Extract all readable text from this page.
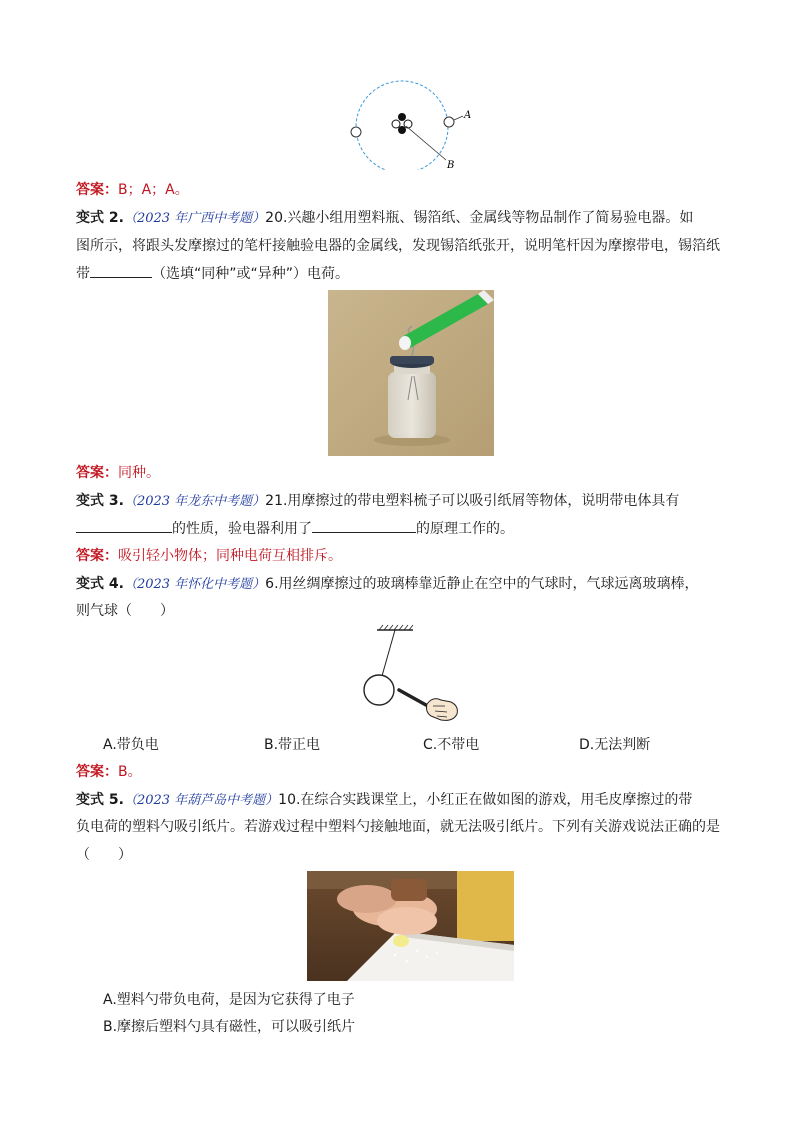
A
B
答案：B；A；A。
变式 2.（2023 年广西中考题）20.兴趣小组用塑料瓶、锡箔纸、金属线等物品制作了简易验电器。如
图所示，将跟头发摩擦过的笔杆接触验电器的金属线，发现锡箔纸张开，说明笔杆因为摩擦带电，锡箔纸
带	（选填“同种”或“异种”）电荷。
答案：同种。
变式 3.（2023 年龙东中考题）21.用摩擦过的带电塑料梳子可以吸引纸屑等物体，说明带电体具有
的性质，验电器利用了	的原理工作的。
答案：吸引轻小物体；同种电荷互相排斥。
变式 4.（2023 年怀化中考题）6.用丝绸摩擦过的玻璃棒靠近静止在空中的气球时，气球远离玻璃棒，
则气球（　　）
A.带负电	B.带正电	C.不带电	D.无法判断
答案：B。
变式 5.（2023 年葫芦岛中考题）10.在综合实践课堂上，小红正在做如图的游戏，用毛皮摩擦过的带
负电荷的塑料勺吸引纸片。若游戏过程中塑料勺接触地面，就无法吸引纸片。下列有关游戏说法正确的是
（　　）
A.塑料勺带负电荷，是因为它获得了电子
B.摩擦后塑料勺具有磁性，可以吸引纸片
